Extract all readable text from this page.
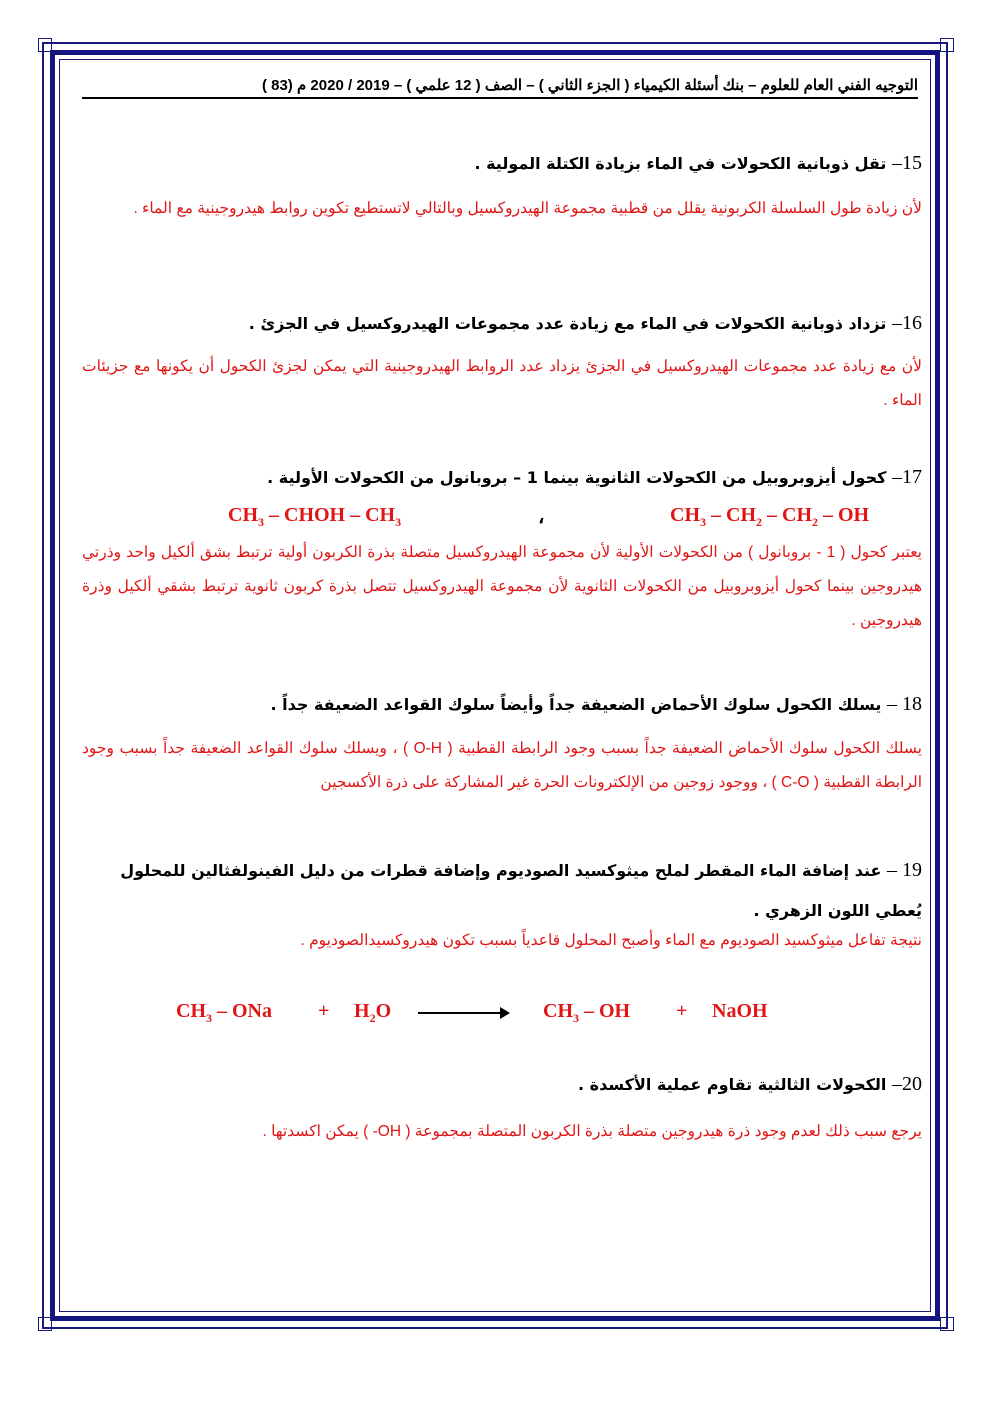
التوجيه الفني العام للعلوم – بنك أسئلة الكيمياء ( الجزء الثاني ) – الصف ( 12 علمي ) – 2019 / 2020 م (83 )
15– تقل ذوبانية الكحولات في الماء بزيادة الكتلة المولية .
لأن زيادة طول السلسلة الكربونية يقلل من قطبية مجموعة الهيدروكسيل وبالتالي لاتستطيع تكوين روابط هيدروجينية مع الماء .
16– تزداد ذوبانية الكحولات في الماء مع زيادة عدد مجموعات الهيدروكسيل في الجزئ .
لأن مع زيادة عدد مجموعات الهيدروكسيل في الجزئ يزداد عدد الروابط الهيدروجينية التي يمكن لجزئ الكحول أن يكونها مع جزيئات الماء .
17– كحول أيزوبروبيل من الكحولات الثانوية بينما 1 – بروبانول من الكحولات الأولية .
$CH_3$ – CHOH – $CH_3$	،	$CH_3 - CH_2 - CH_2$ – OH
يعتبر كحول ( 1 - بروبانول ) من الكحولات الأولية لأن مجموعة الهيدروكسيل متصلة بذرة الكربون أولية ترتبط بشق ألكيل واحد وذرتي هيدروجين بينما كحول أيزوبروبيل من الكحولات الثانوية لأن مجموعة الهيدروكسيل تتصل بذرة كربون ثانوية ترتبط بشقي ألكيل وذرة هيدروجين .
18 – يسلك الكحول سلوك الأحماض الضعيفة جداً وأيضاً سلوك القواعد الضعيفة جداً .
يسلك الكحول سلوك الأحماض الضعيفة جداً بسبب وجود الرابطة القطبية ( O-H ) ، ويسلك سلوك القواعد الضعيفة جداً بسبب وجود الرابطة القطبية ( C-O ) ، ووجود زوجين من الإلكترونات الحرة غير المشاركة على ذرة الأكسجين
19 – عند إضافة الماء المقطر لملح ميثوكسيد الصوديوم وإضافة قطرات من دليل الفينولفثالين للمحلول يُعطي اللون الزهري .
نتيجة تفاعل ميثوكسيد الصوديوم مع الماء وأصبح المحلول قاعدياً بسبب تكون هيدروكسيدالصوديوم .
$CH_3$ – ONa + $H_2O$	$CH_3$ – OH + NaOH
20– الكحولات الثالثية تقاوم عملية الأكسدة .
يرجع سبب ذلك لعدم وجود ذرة هيدروجين متصلة بذرة الكربون المتصلة بمجموعة ( OH- ) يمكن اكسدتها .
